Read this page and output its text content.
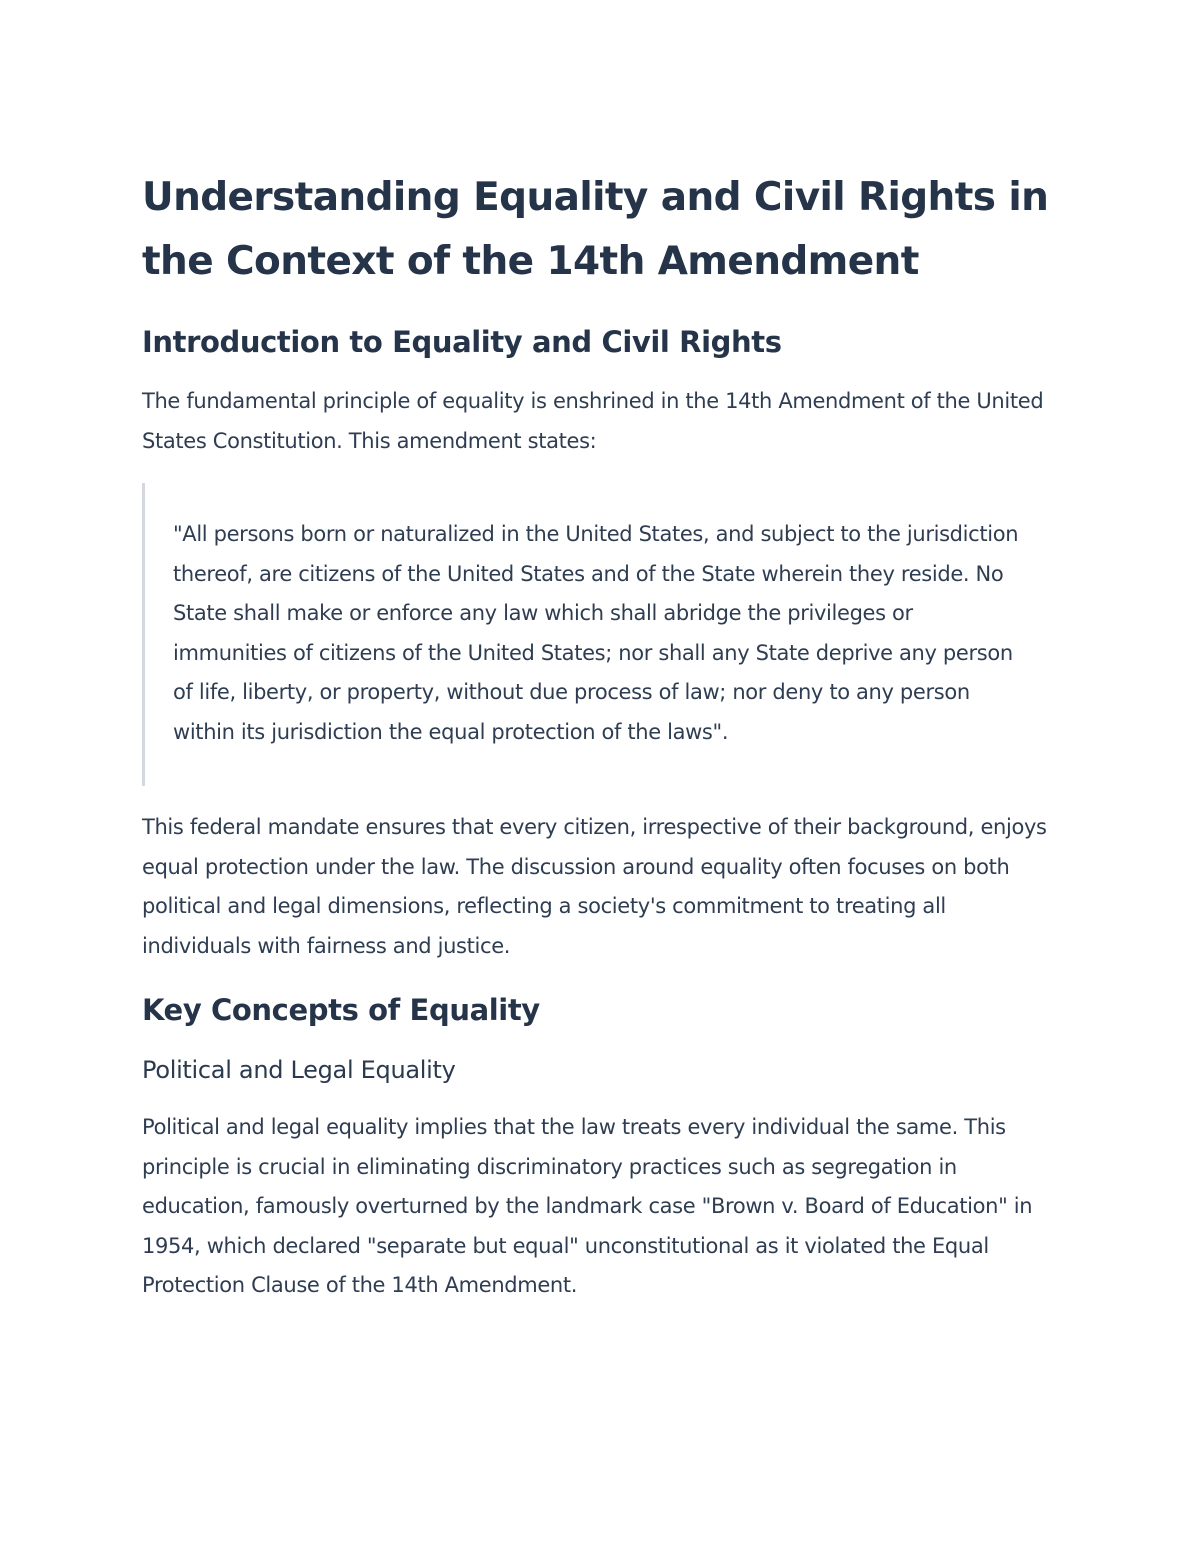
Understanding Equality and Civil Rights in the Context of the 14th Amendment
Introduction to Equality and Civil Rights

The fundamental principle of equality is enshrined in the 14th Amendment of the United States Constitution. This amendment states:

"All persons born or naturalized in the United States, and subject to the jurisdiction thereof, are citizens of the United States and of the State wherein they reside. No State shall make or enforce any law which shall abridge the privileges or immunities of citizens of the United States; nor shall any State deprive any person of life, liberty, or property, without due process of law; nor deny to any person within its jurisdiction the equal protection of the laws".

This federal mandate ensures that every citizen, irrespective of their background, enjoys equal protection under the law. The discussion around equality often focuses on both political and legal dimensions, reflecting a society's commitment to treating all individuals with fairness and justice.

Key Concepts of Equality
Political and Legal Equality

Political and legal equality implies that the law treats every individual the same. This principle is crucial in eliminating discriminatory practices such as segregation in education, famously overturned by the landmark case "Brown v. Board of Education" in 1954, which declared "separate but equal" unconstitutional as it violated the Equal Protection Clause of the 14th Amendment.
